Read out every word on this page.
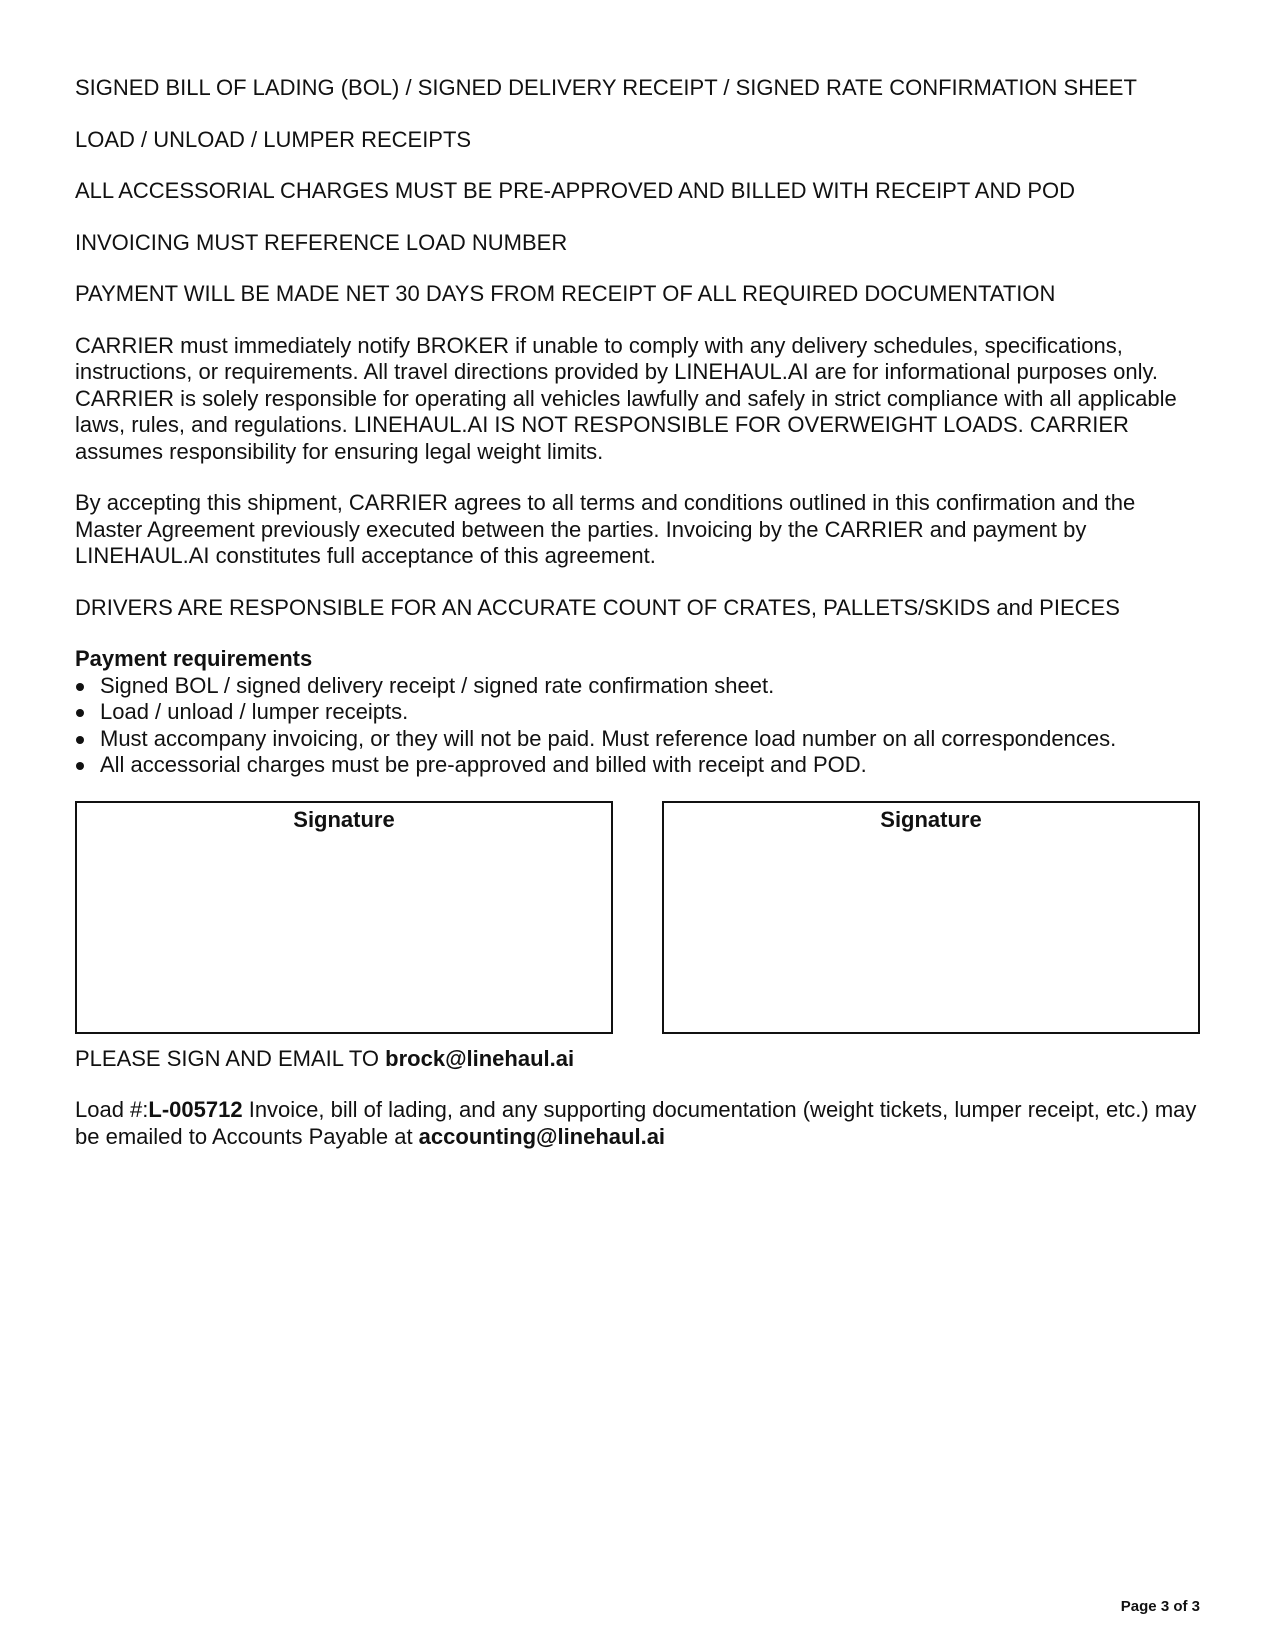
SIGNED BILL OF LADING (BOL) / SIGNED DELIVERY RECEIPT / SIGNED RATE CONFIRMATION SHEET

LOAD / UNLOAD / LUMPER RECEIPTS

ALL ACCESSORIAL CHARGES MUST BE PRE-APPROVED AND BILLED WITH RECEIPT AND POD

INVOICING MUST REFERENCE LOAD NUMBER

PAYMENT WILL BE MADE NET 30 DAYS FROM RECEIPT OF ALL REQUIRED DOCUMENTATION

CARRIER must immediately notify BROKER if unable to comply with any delivery schedules, specifications, instructions, or requirements. All travel directions provided by LINEHAUL.AI are for informational purposes only. CARRIER is solely responsible for operating all vehicles lawfully and safely in strict compliance with all applicable laws, rules, and regulations. LINEHAUL.AI IS NOT RESPONSIBLE FOR OVERWEIGHT LOADS. CARRIER assumes responsibility for ensuring legal weight limits.

By accepting this shipment, CARRIER agrees to all terms and conditions outlined in this confirmation and the Master Agreement previously executed between the parties. Invoicing by the CARRIER and payment by LINEHAUL.AI constitutes full acceptance of this agreement.

DRIVERS ARE RESPONSIBLE FOR AN ACCURATE COUNT OF CRATES, PALLETS/SKIDS and PIECES

Payment requirements
Signed BOL / signed delivery receipt / signed rate confirmation sheet.
Load / unload / lumper receipts.
Must accompany invoicing, or they will not be paid. Must reference load number on all correspondences.
All accessorial charges must be pre-approved and billed with receipt and POD.
Signature	Signature

PLEASE SIGN AND EMAIL TO brock@linehaul.ai

Load #:L-005712 Invoice, bill of lading, and any supporting documentation (weight tickets, lumper receipt, etc.) may be emailed to Accounts Payable at accounting@linehaul.ai

Page 3 of 3
